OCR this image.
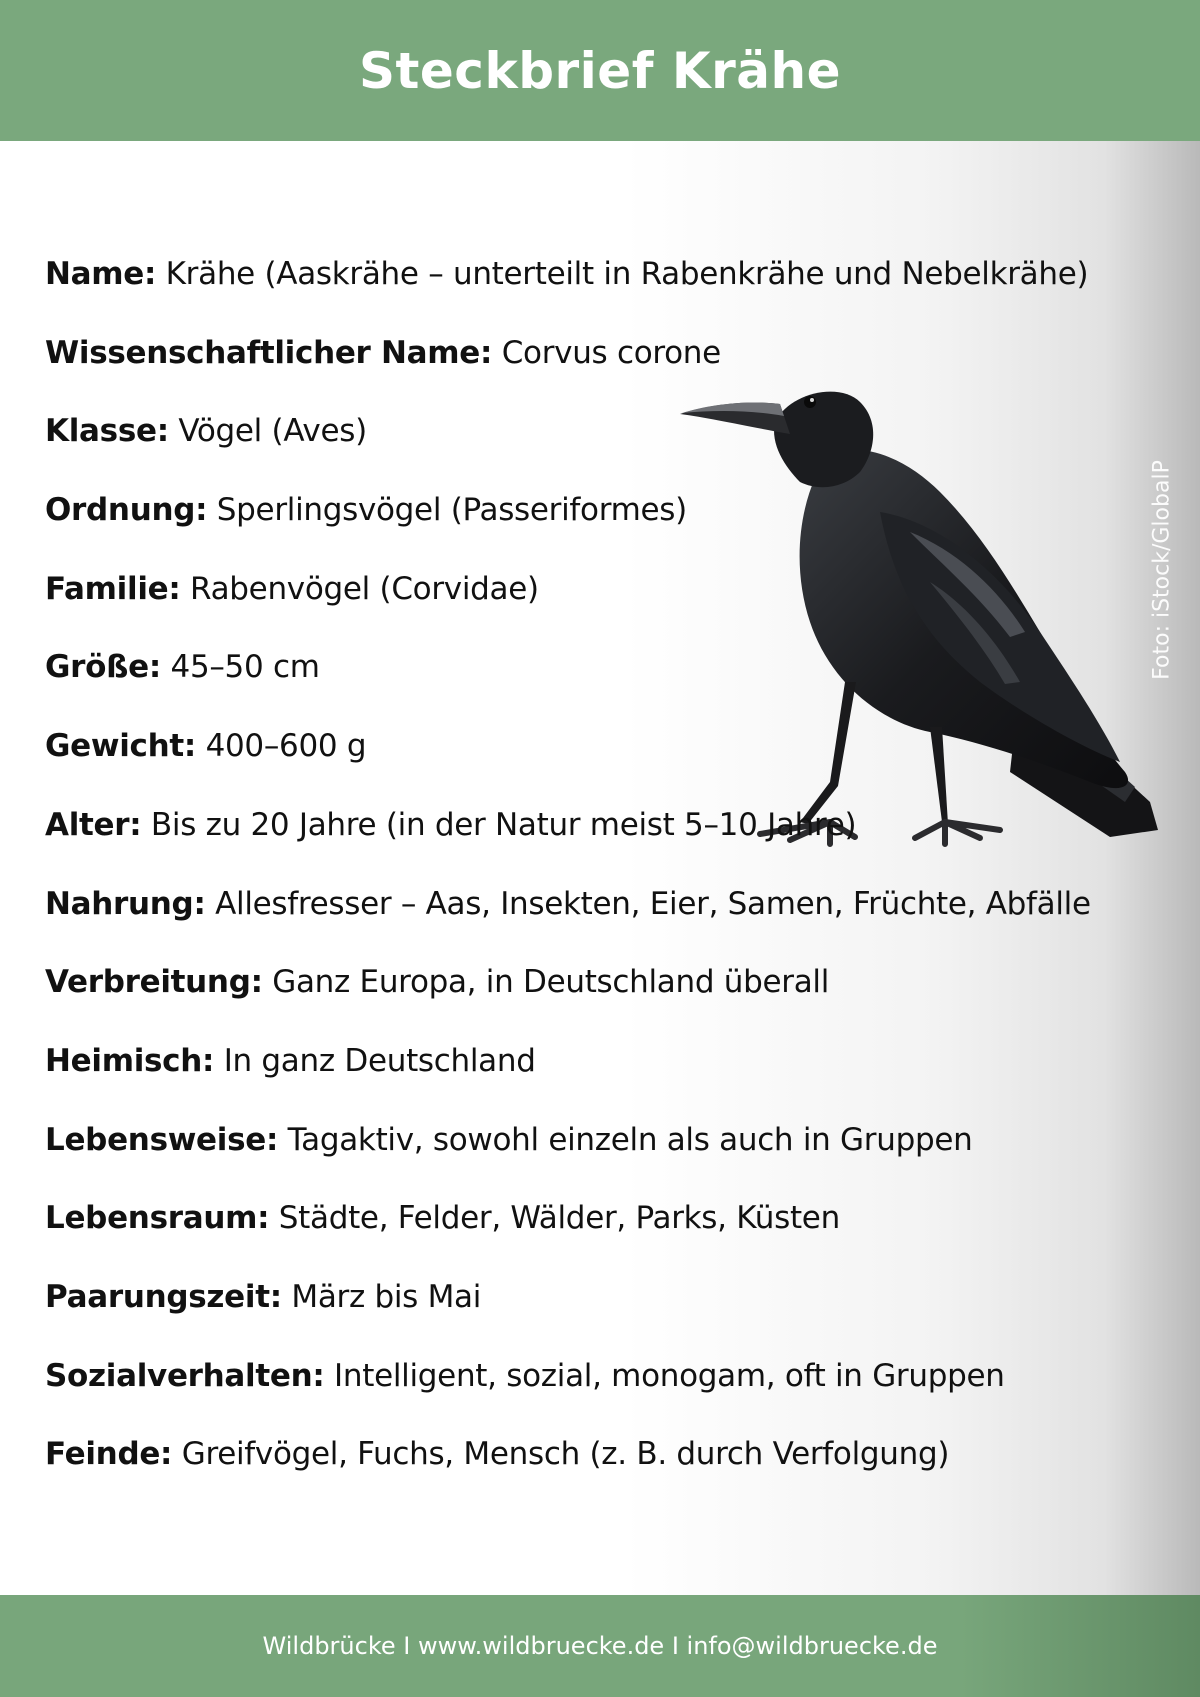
Steckbrief Krähe
Name: Krähe (Aaskrähe – unterteilt in Rabenkrähe und Nebelkrähe)
Wissenschaftlicher Name: Corvus corone
Klasse: Vögel (Aves)
Ordnung: Sperlingsvögel (Passeriformes)
Familie: Rabenvögel (Corvidae)
Größe: 45–50 cm
Gewicht: 400–600 g
Alter: Bis zu 20 Jahre (in der Natur meist 5–10 Jahre)
Nahrung: Allesfresser – Aas, Insekten, Eier, Samen, Früchte, Abfälle
Verbreitung: Ganz Europa, in Deutschland überall
Heimisch: In ganz Deutschland
Lebensweise: Tagaktiv, sowohl einzeln als auch in Gruppen
Lebensraum: Städte, Felder, Wälder, Parks, Küsten
Paarungszeit: März bis Mai
Sozialverhalten: Intelligent, sozial, monogam, oft in Gruppen
Feinde: Greifvögel, Fuchs, Mensch (z. B. durch Verfolgung)
Foto: iStock/GlobalP
Wildbrücke I www.wildbruecke.de I info@wildbruecke.de
